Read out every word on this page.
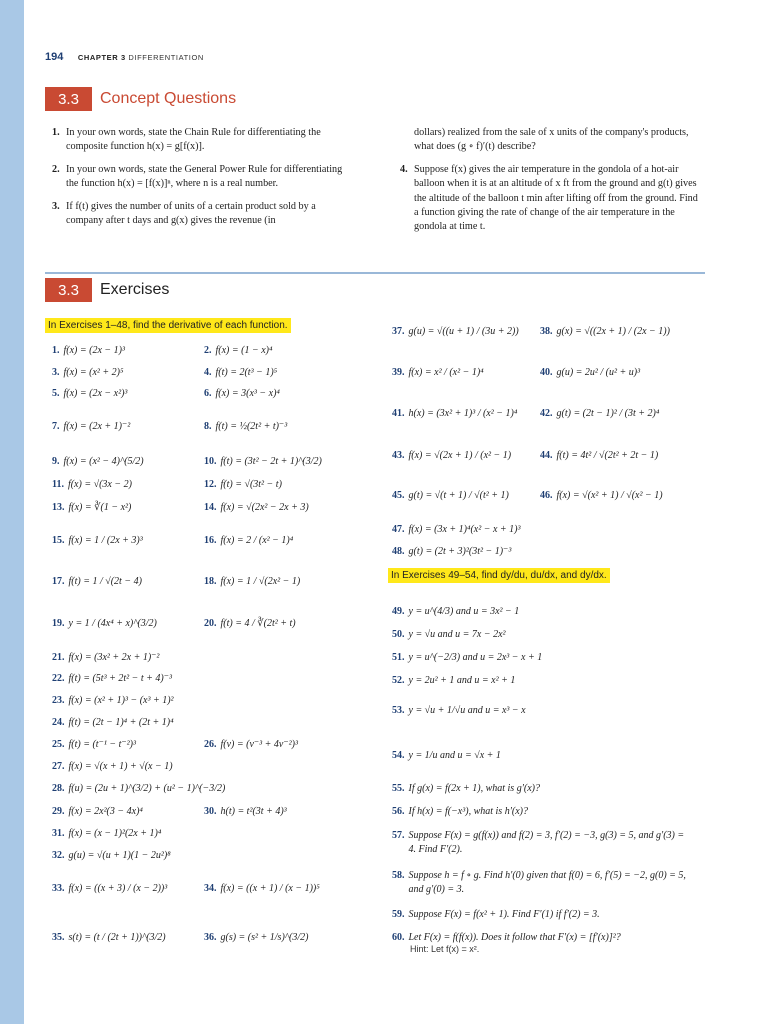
194 CHAPTER 3 DIFFERENTIATION
3.3	Concept Questions
1. In your own words, state the Chain Rule for differentiating the composite function h(x) = g[f(x)].
2. In your own words, state the General Power Rule for differentiating the function h(x) = [f(x)]ⁿ, where n is a real number.
3. If f(t) gives the number of units of a certain product sold by a company after t days and g(x) gives the revenue (in
dollars) realized from the sale of x units of the company's products, what does (g ∘ f)′(t) describe?
4. Suppose f(x) gives the air temperature in the gondola of a hot-air balloon when it is at an altitude of x ft from the ground and g(t) gives the altitude of the balloon t min after lifting off from the ground. Find a function giving the rate of change of the air temperature in the gondola at time t.
3.3	Exercises
In Exercises 1–48, find the derivative of each function.
In Exercises 49–54, find dy/du, du/dx, and dy/dx.
Hint: Let f(x) = x².
1. f(x) = (2x − 1)³	2. f(x) = (1 − x)⁴
3. f(x) = (x² + 2)⁵	4. f(t) = 2(t³ − 1)⁵
5. f(x) = (2x − x²)³	6. f(x) = 3(x³ − x)⁴
7. f(x) = (2x + 1)⁻²	8. f(t) = ½(2t² + t)⁻³
9. f(x) = (x² − 4)^(5/2)	10. f(t) = (3t² − 2t + 1)^(3/2)
11. f(x) = √(3x − 2)	12. f(t) = √(3t² − t)
13. f(x) = ∛(1 − x²)	14. f(x) = √(2x² − 2x + 3)
15. f(x) = 1 / (2x + 3)³	16. f(x) = 2 / (x² − 1)⁴
17. f(t) = 1 / √(2t − 4)	18. f(x) = 1 / √(2x² − 1)
19. y = 1 / (4x⁴ + x)^(3/2)	20. f(t) = 4 / ∛(2t² + t)
21. f(x) = (3x² + 2x + 1)⁻²
22. f(t) = (5t³ + 2t² − t + 4)⁻³
23. f(x) = (x² + 1)³ − (x³ + 1)²
24. f(t) = (2t − 1)⁴ + (2t + 1)⁴
25. f(t) = (t⁻¹ − t⁻²)³	26. f(v) = (v⁻³ + 4v⁻²)³
27. f(x) = √(x + 1) + √(x − 1)
28. f(u) = (2u + 1)^(3/2) + (u² − 1)^(−3/2)
29. f(x) = 2x²(3 − 4x)⁴	30. h(t) = t²(3t + 4)³
31. f(x) = (x − 1)²(2x + 1)⁴
32. g(u) = √(u + 1)(1 − 2u²)⁸
33. f(x) = ((x + 3) / (x − 2))³	34. f(x) = ((x + 1) / (x − 1))⁵
35. s(t) = (t / (2t + 1))^(3/2)	36. g(s) = (s² + 1/s)^(3/2)
37. g(u) = √((u + 1) / (3u + 2)) 38. g(x) = √((2x + 1) / (2x − 1))
39. f(x) = x² / (x² − 1)⁴	40. g(u) = 2u² / (u² + u)³
41. h(x) = (3x² + 1)³ / (x² − 1)⁴ 42. g(t) = (2t − 1)² / (3t + 2)⁴
43. f(x) = √(2x + 1) / (x² − 1)	44. f(t) = 4t² / √(2t² + 2t − 1)
45. g(t) = √(t + 1) / √(t² + 1)	46. f(x) = √(x² + 1) / √(x² − 1)
47. f(x) = (3x + 1)⁴(x² − x + 1)³
48. g(t) = (2t + 3)²(3t² − 1)⁻³
49. y = u^(4/3) and u = 3x² − 1
50. y = √u and u = 7x − 2x²
51. y = u^(−2/3) and u = 2x³ − x + 1
52. y = 2u² + 1 and u = x² + 1
53. y = √u + 1/√u and u = x³ − x
54. y = 1/u and u = √x + 1
55. If g(x) = f(2x + 1), what is g′(x)?
56. If h(x) = f(−x³), what is h′(x)?
57. Suppose F(x) = g(f(x)) and f(2) = 3, f′(2) = −3, g(3) = 5, and g′(3) = 4. Find F′(2).
58. Suppose h = f ∘ g. Find h′(0) given that f(0) = 6, f′(5) = −2, g(0) = 5, and g′(0) = 3.
59. Suppose F(x) = f(x² + 1). Find F′(1) if f′(2) = 3.
60. Let F(x) = f(f(x)). Does it follow that F′(x) = [f′(x)]²?
